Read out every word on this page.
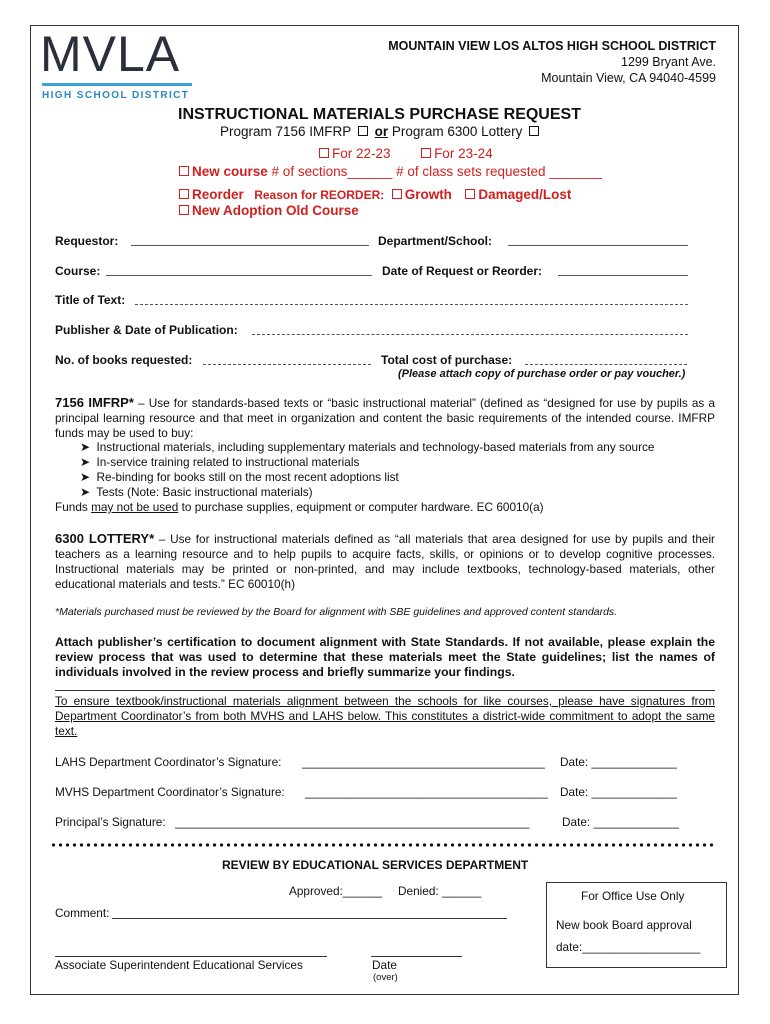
MVLA
HIGH SCHOOL DISTRICT
MOUNTAIN VIEW LOS ALTOS HIGH SCHOOL DISTRICT
1299 Bryant Ave.
Mountain View, CA 94040-4599
INSTRUCTIONAL MATERIALS PURCHASE REQUEST
Program 7156 IMFRP or Program 6300 Lottery
For 22-23	For 23-24
New course # of sections______ # of class sets requested _______
Reorder Reason for REORDER: Growth Damaged/Lost
New Adoption Old Course
Requestor:	Department/School:
Course:	Date of Request or Reorder:
Title of Text:
Publisher & Date of Publication:
No. of books requested:	Total cost of purchase:
(Please attach copy of purchase order or pay voucher.)
7156 IMFRP* – Use for standards-based texts or “basic instructional material” (defined as “designed for use by pupils as a principal learning resource and that meet in organization and content the basic requirements of the intended course. IMFRP funds may be used to buy:
➤  Instructional materials, including supplementary materials and technology-based materials from any source
➤  In-service training related to instructional materials
➤  Re-binding for books still on the most recent adoptions list
➤  Tests (Note: Basic instructional materials)
Funds may not be used to purchase supplies, equipment or computer hardware. EC 60010(a)
6300 LOTTERY* – Use for instructional materials defined as “all materials that area designed for use by pupils and their teachers as a learning resource and to help pupils to acquire facts, skills, or opinions or to develop cognitive processes. Instructional materials may be printed or non-printed, and may include textbooks, technology-based materials, other educational materials and tests.” EC 60010(h)
*Materials purchased must be reviewed by the Board for alignment with SBE guidelines and approved content standards.
Attach publisher’s certification to document alignment with State Standards. If not available, please explain the review process that was used to determine that these materials meet the State guidelines; list the names of individuals involved in the review process and briefly summarize your findings.
To ensure textbook/instructional materials alignment between the schools for like courses, please have signatures from Department Coordinator’s from both MVHS and LAHS below. This constitutes a district-wide commitment to adopt the same text.
LAHS Department Coordinator’s Signature: _____________________________________ Date: _____________
MVHS Department Coordinator’s Signature: _____________________________________ Date: _____________
Principal’s Signature: ______________________________________________________	Date: _____________
REVIEW BY EDUCATIONAL SERVICES DEPARTMENT
Approved:______ Denied: ______
Comment:
Associate Superintendent Educational Services	Date
(over)
For Office Use Only
New book Board approval
date:__________________
